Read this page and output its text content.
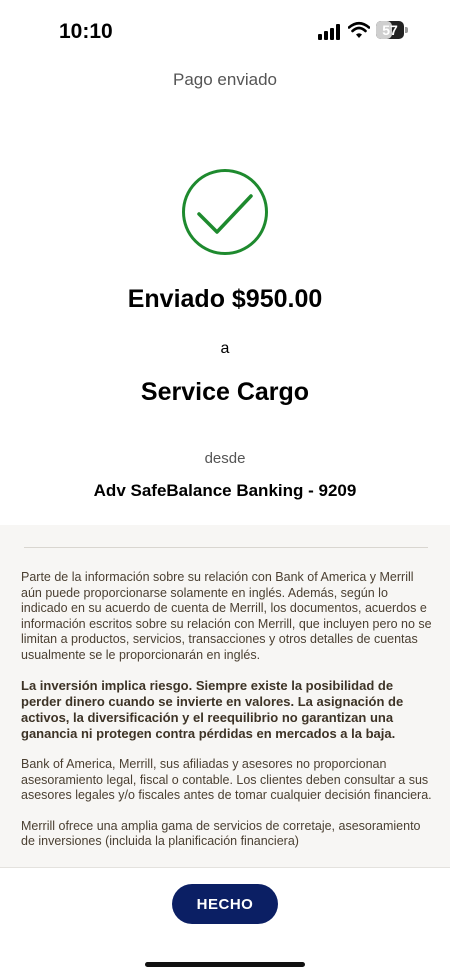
10:10	57
Pago enviado
Enviado $950.00
a
Service Cargo
desde
Adv SafeBalance Banking - 9209

Parte de la información sobre su relación con Bank of America y Merrill aún puede proporcionarse solamente en inglés. Además, según lo indicado en su acuerdo de cuenta de Merrill, los documentos, acuerdos e información escritos sobre su relación con Merrill, que incluyen pero no se limitan a productos, servicios, transacciones y otros detalles de cuentas usualmente se le proporcionarán en inglés.

La inversión implica riesgo. Siempre existe la posibilidad de perder dinero cuando se invierte en valores. La asignación de activos, la diversificación y el reequilibrio no garantizan una ganancia ni protegen contra pérdidas en mercados a la baja.

Bank of America, Merrill, sus afiliadas y asesores no proporcionan asesoramiento legal, fiscal o contable. Los clientes deben consultar a sus asesores legales y/o fiscales antes de tomar cualquier decisión financiera.

Merrill ofrece una amplia gama de servicios de corretaje, asesoramiento de inversiones (incluida la planificación financiera)

HECHO
